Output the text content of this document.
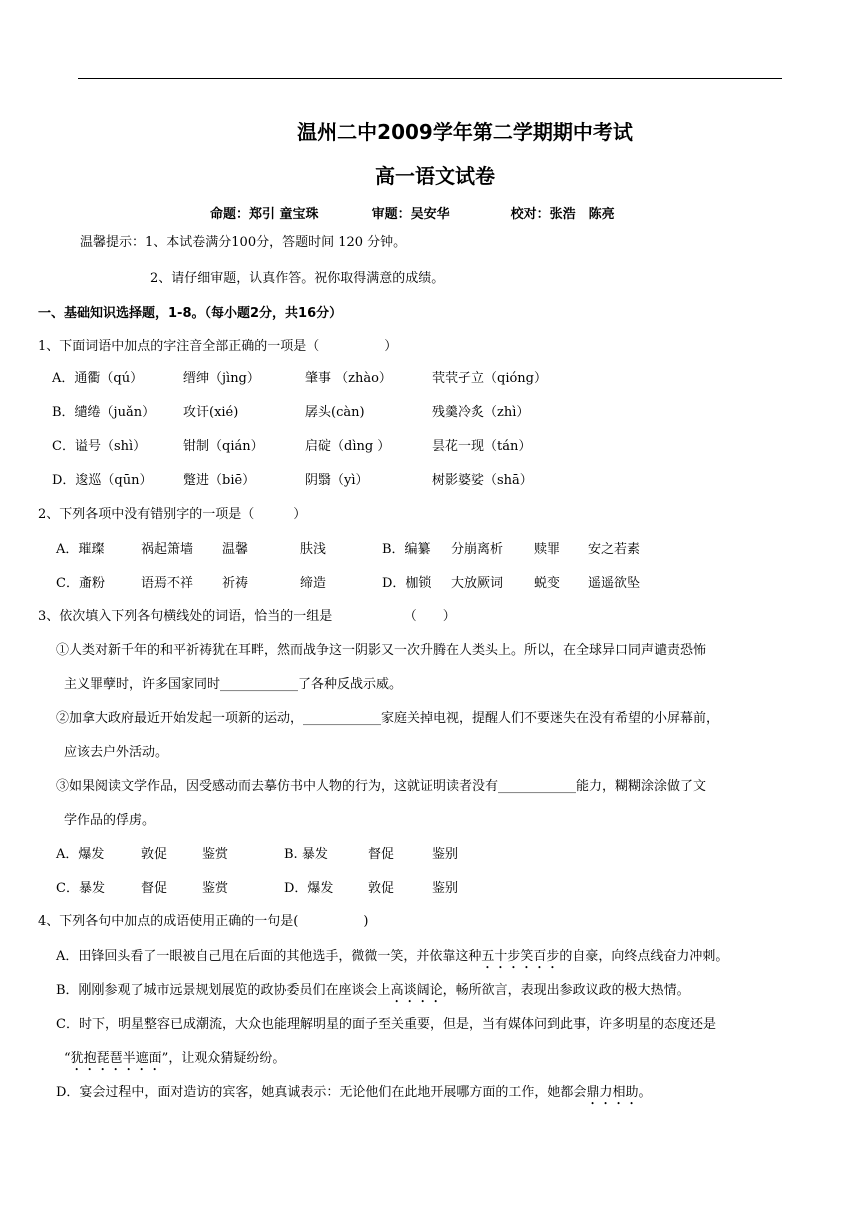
温州二中2009学年第二学期期中考试
高一语文试卷
命题：郑引 童宝珠	审题：吴安华	校对：张浩　陈亮
温馨提示：1、本试卷满分100分，答题时间 120 分钟。
2、请仔细审题，认真作答。祝你取得满意的成绩。
一、基础知识选择题，1-8。（每小题2分，共16分）
1、下面词语中加点的字注音全部正确的一项是（　　　　　）
A．通衢（qú）	缙绅（jìng）	肇事 （zhào）	茕茕孑立（qióng）
B．缱绻（juǎn） 攻讦(xié)	孱头(càn)	残羹冷炙（zhì）
C．谥号（shì）	钳制（qián）	启碇（dìng ）	昙花一现（tán）
D．逡巡（qūn） 蹩进（biē）	阴翳（yì）	树影婆娑（shā）
2、下列各项中没有错别字的一项是（　　　）
A．璀璨	祸起箫墙 温馨	肤浅	B．编纂 分崩离析 赎罪 安之若素
C．齑粉	语焉不祥 祈祷	缔造	D．枷锁 大放厥词 蜕变 遥遥欲坠
3、依次填入下列各句横线处的词语，恰当的一组是　　　　　　（　　）
①人类对新千年的和平祈祷犹在耳畔，然而战争这一阴影又一次升腾在人类头上。所以，在全球异口同声谴责恐怖
主义罪孽时，许多国家同时____________了各种反战示威。
②加拿大政府最近开始发起一项新的运动，____________家庭关掉电视，提醒人们不要迷失在没有希望的小屏幕前，
应该去户外活动。
③如果阅读文学作品，因受感动而去摹仿书中人物的行为，这就证明读者没有____________能力，糊糊涂涂做了文
学作品的俘虏。
A．爆发	敦促	鉴赏	B. 暴发	督促	鉴别
C．暴发	督促	鉴赏	D．爆发	敦促	鉴别
4、下列各句中加点的成语使用正确的一句是(　　　　　)
A．田锋回头看了一眼被自己甩在后面的其他选手，微微一笑，并依靠这种五十步笑百步的自豪，向终点线奋力冲刺。
B．刚刚参观了城市远景规划展览的政协委员们在座谈会上高谈阔论，畅所欲言，表现出参政议政的极大热情。
C．时下，明星整容已成潮流，大众也能理解明星的面子至关重要，但是，当有媒体问到此事，许多明星的态度还是
“犹抱琵琶半遮面”，让观众猜疑纷纷。
D．宴会过程中，面对造访的宾客，她真诚表示：无论他们在此地开展哪方面的工作，她都会鼎力相助。
